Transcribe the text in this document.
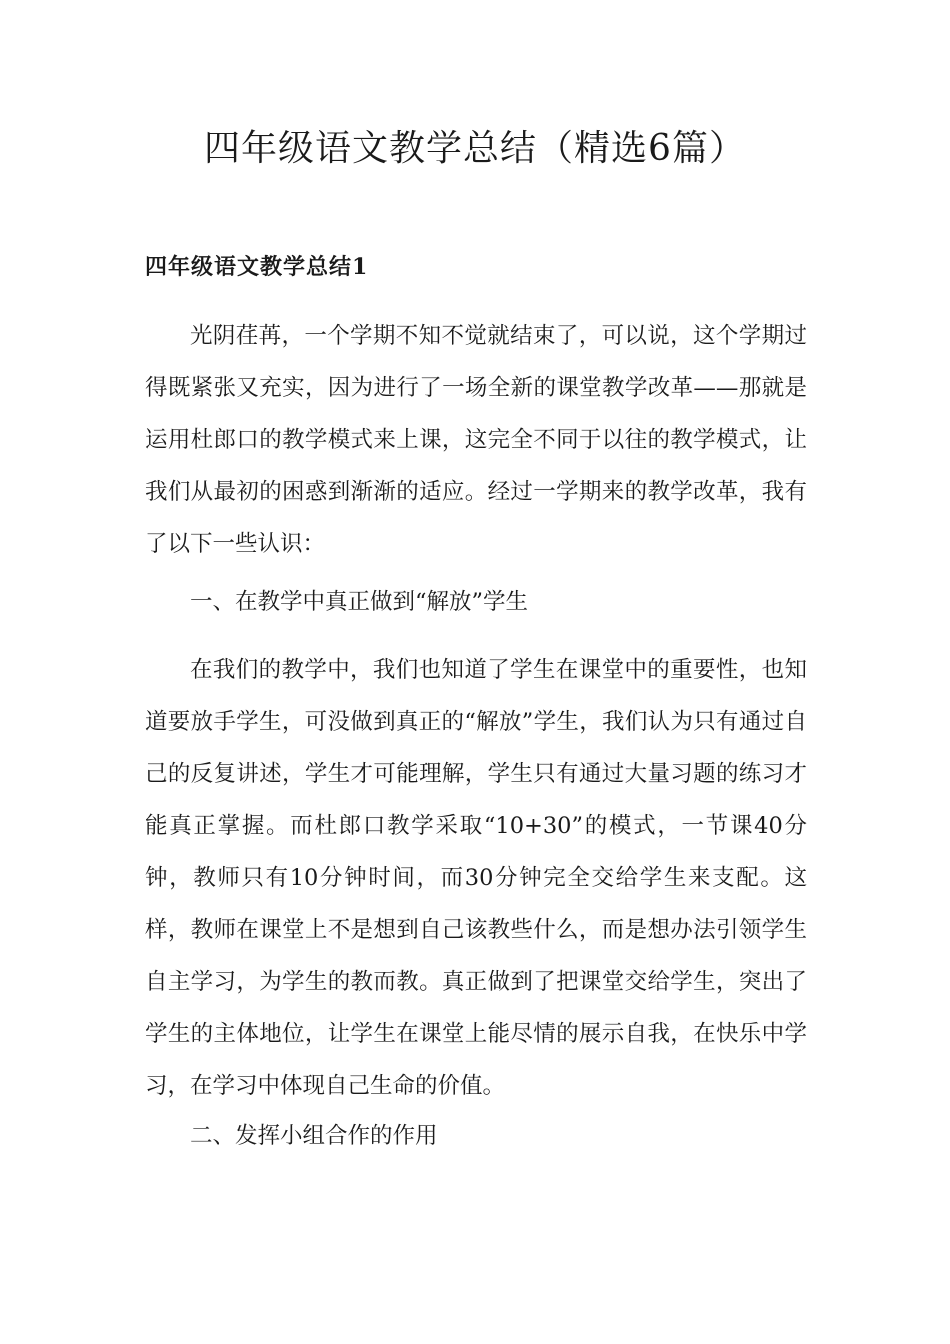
四年级语文教学总结（精选6篇）
四年级语文教学总结1

光阴荏苒，一个学期不知不觉就结束了，可以说，这个学期过得既紧张又充实，因为进行了一场全新的课堂教学改革——那就是运用杜郎口的教学模式来上课，这完全不同于以往的教学模式，让我们从最初的困惑到渐渐的适应。经过一学期来的教学改革，我有了以下一些认识：

一、在教学中真正做到“解放”学生

在我们的教学中，我们也知道了学生在课堂中的重要性，也知道要放手学生，可没做到真正的“解放”学生，我们认为只有通过自己的反复讲述，学生才可能理解，学生只有通过大量习题的练习才能真正掌握。而杜郎口教学采取“10+30”的模式，一节课40分钟，教师只有10分钟时间，而30分钟完全交给学生来支配。这样，教师在课堂上不是想到自己该教些什么，而是想办法引领学生自主学习，为学生的教而教。真正做到了把课堂交给学生，突出了学生的主体地位，让学生在课堂上能尽情的展示自我，在快乐中学习，在学习中体现自己生命的价值。

二、发挥小组合作的作用
